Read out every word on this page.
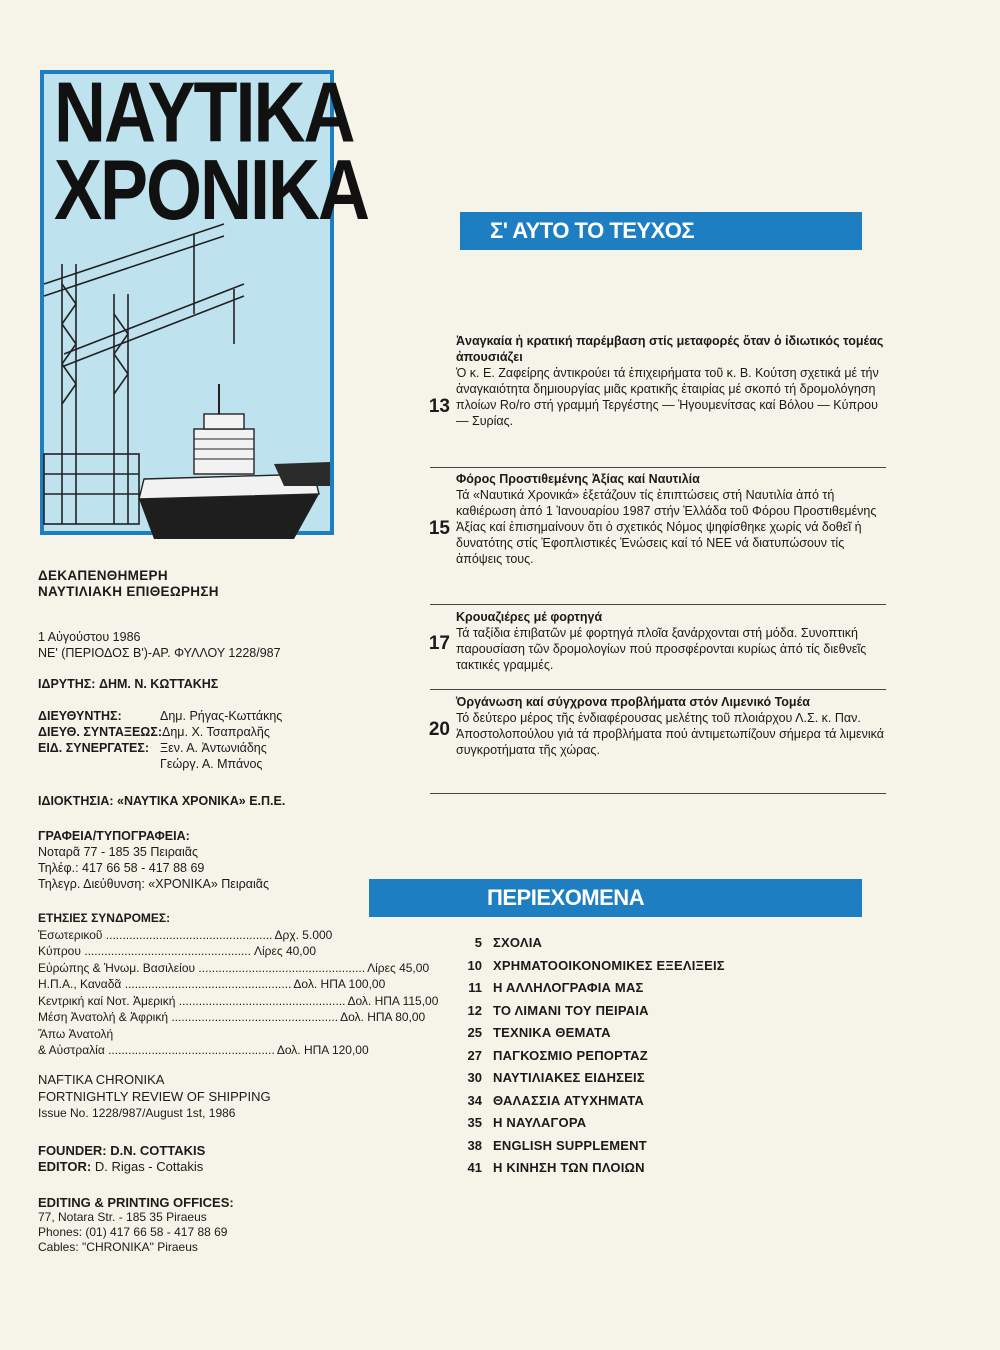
ΝΑΥΤΙΚΑ
ΧΡΟΝΙΚΑ
ΔΕΚΑΠΕΝΘΗΜΕΡΗ
ΝΑΥΤΙΛΙΑΚΗ ΕΠΙΘΕΩΡΗΣΗ
1 Αὐγούστου 1986
ΝΕ' (ΠΕΡΙΟΔΟΣ Β')-ΑΡ. ΦΥΛΛΟΥ 1228/987
ΙΔΡΥΤΗΣ: ΔΗΜ. Ν. ΚΩΤΤΑΚΗΣ
ΔΙΕΥΘΥΝΤΗΣ:	Δημ. Ρήγας-Κωττάκης
ΔΙΕΥΘ. ΣΥΝΤΑΞΕΩΣ: Δημ. Χ. Τσαπραλῆς
ΕΙΔ. ΣΥΝΕΡΓΑΤΕΣ: Ξεν. Α. Ἀντωνιάδης
Γεώργ. Α. Μπάνος
ΙΔΙΟΚΤΗΣΙΑ: «ΝΑΥΤΙΚΑ ΧΡΟΝΙΚΑ» Ε.Π.Ε.
ΓΡΑΦΕΙΑ/ΤΥΠΟΓΡΑΦΕΙΑ:
Νοταρᾶ 77 - 185 35 Πειραιᾶς
Τηλέφ.: 417 66 58 - 417 88 69
Τηλεγρ. Διεύθυνση: «ΧΡΟΝΙΚΑ» Πειραιᾶς
ΕΤΗΣΙΕΣ ΣΥΝΔΡΟΜΕΣ:
Ἐσωτερικοῦ .....	Δρχ. 5.000
Κύπρου .....	Λίρες 40,00
Εὐρώπης & Ἡνωμ. Βασιλείου .....	Λίρες 45,00
Η.Π.Α., Καναδᾶ .....	Δολ. ΗΠΑ 100,00
Κεντρική καί Νοτ. Ἀμερική .....	Δολ. ΗΠΑ 115,00
Μέση Ἀνατολή & Ἀφρική .....	Δολ. ΗΠΑ 80,00
Ἄπω Ἀνατολή
& Αὐστραλία .....	Δολ. ΗΠΑ 120,00
NAFTIKA CHRONIKA
FORTNIGHTLY REVIEW OF SHIPPING
Issue No. 1228/987/August 1st, 1986
FOUNDER: D.N. COTTAKIS
EDITOR: D. Rigas - Cottakis
EDITING & PRINTING OFFICES:
77, Notara Str. - 185 35 Piraeus
Phones: (01) 417 66 58 - 417 88 69
Cables: "CHRONIKA" Piraeus
Σ' ΑΥΤΟ ΤΟ ΤΕΥΧΟΣ
13
Ἀναγκαία ἡ κρατική παρέμβαση στίς μεταφορές ὅταν ὁ ἰδιωτικός τομέας ἀπουσιάζει
Ὁ κ. Ε. Ζαφείρης ἀντικρούει τά ἐπιχειρήματα τοῦ κ. Β. Κούτση σχετικά μέ τήν ἀναγκαιότητα δημιουργίας μιᾶς κρατικῆς ἑταιρίας μέ σκοπό τή δρομολόγηση πλοίων Ro/ro στή γραμμή Τεργέστης — Ἡγουμενίτσας καί Βόλου — Κύπρου — Συρίας.
15
Φόρος Προστιθεμένης Ἀξίας καί Ναυτιλία
Τά «Ναυτικά Χρονικά» ἐξετάζουν τίς ἐπιπτώσεις στή Ναυτιλία ἀπό τή καθιέρωση ἀπό 1 Ἰανουαρίου 1987 στήν Ἑλλάδα τοῦ Φόρου Προστιθεμένης Ἀξίας καί ἐπισημαίνουν ὅτι ὁ σχετικός Νόμος ψηφίσθηκε χωρίς νά δοθεῖ ἡ δυνατότης στίς Ἐφοπλιστικές Ἑνώσεις καί τό ΝΕΕ νά διατυπώσουν τίς ἀπόψεις τους.
17
Κρουαζιέρες μέ φορτηγά
Τά ταξίδια ἐπιβατῶν μέ φορτηγά πλοῖα ξανάρχονται στή μόδα. Συνοπτική παρουσίαση τῶν δρομολογίων πού προσφέρονται κυρίως ἀπό τίς διεθνεῖς τακτικές γραμμές.
20
Ὀργάνωση καί σύγχρονα προβλήματα στόν Λιμενικό Τομέα
Τό δεύτερο μέρος τῆς ἐνδιαφέρουσας μελέτης τοῦ πλοιάρχου Λ.Σ. κ. Παν. Ἀποστολοπούλου γιά τά προβλήματα πού ἀντιμετωπίζουν σήμερα τά λιμενικά συγκροτήματα τῆς χώρας.
ΠΕΡΙΕΧΟΜΕΝΑ
5 ΣΧΟΛΙΑ
10 ΧΡΗΜΑΤΟΟΙΚΟΝΟΜΙΚΕΣ ΕΞΕΛΙΞΕΙΣ
11 Η ΑΛΛΗΛΟΓΡΑΦΙΑ ΜΑΣ
12 ΤΟ ΛΙΜΑΝΙ ΤΟΥ ΠΕΙΡΑΙΑ
25 ΤΕΧΝΙΚΑ ΘΕΜΑΤΑ
27 ΠΑΓΚΟΣΜΙΟ ΡΕΠΟΡΤΑΖ
30 ΝΑΥΤΙΛΙΑΚΕΣ ΕΙΔΗΣΕΙΣ
34 ΘΑΛΑΣΣΙΑ ΑΤΥΧΗΜΑΤΑ
35 Η ΝΑΥΛΑΓΟΡΑ
38 ENGLISH SUPPLEMENT
41 Η ΚΙΝΗΣΗ ΤΩΝ ΠΛΟΙΩΝ
